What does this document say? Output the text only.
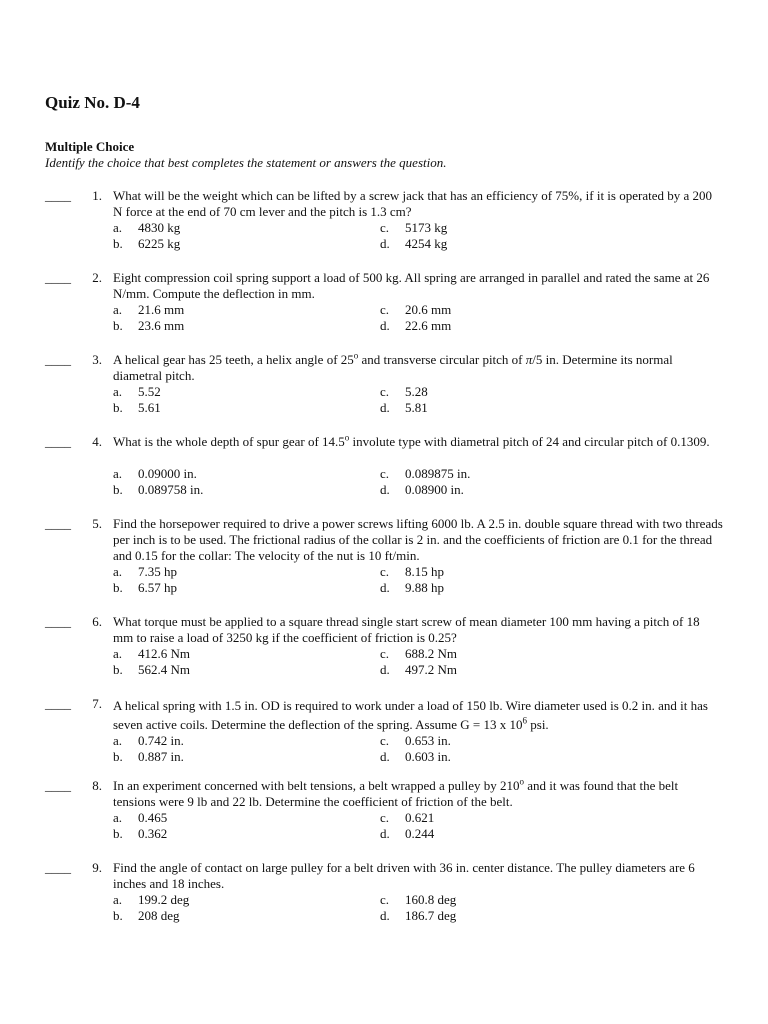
Quiz No. D-4
Multiple Choice
Identify the choice that best completes the statement or answers the question.
____	1. What will be the weight which can be lifted by a screw jack that has an efficiency of 75%, if it is operated by a 200 N force at the end of 70 cm lever and the pitch is 1.3 cm?
a. 4830 kg	c. 5173 kg
b. 6225 kg	d. 4254 kg
____	2. Eight compression coil spring support a load of 500 kg. All spring are arranged in parallel and rated the same at 26 N/mm. Compute the deflection in mm.
a. 21.6 mm	c. 20.6 mm
b. 23.6 mm	d. 22.6 mm
____	3. A helical gear has 25 teeth, a helix angle of 25$^o$ and transverse circular pitch of π/5 in. Determine its normal diametral pitch.
a. 5.52	c. 5.28
b. 5.61	d. 5.81
____	4. What is the whole depth of spur gear of 14.5$^o$ involute type with diametral pitch of 24 and circular pitch of 0.1309.
a. 0.09000 in.	c. 0.089875 in.
b. 0.089758 in.	d. 0.08900 in.
____	5. Find the horsepower required to drive a power screws lifting 6000 lb. A 2.5 in. double square thread with two threads per inch is to be used. The frictional radius of the collar is 2 in. and the coefficients of friction are 0.1 for the thread and 0.15 for the collar: The velocity of the nut is 10 ft/min.
a. 7.35 hp	c. 8.15 hp
b. 6.57 hp	d. 9.88 hp
____	6. What torque must be applied to a square thread single start screw of mean diameter 100 mm having a pitch of 18 mm to raise a load of 3250 kg if the coefficient of friction is 0.25?
a. 412.6 Nm	c. 688.2 Nm
b. 562.4 Nm	d. 497.2 Nm
____	7. A helical spring with 1.5 in. OD is required to work under a load of 150 lb. Wire diameter used is 0.2 in. and it has seven active coils. Determine the deflection of the spring. Assume G = 13 x $10^6$ psi.
a. 0.742 in.	c. 0.653 in.
b. 0.887 in.	d. 0.603 in.
____	8. In an experiment concerned with belt tensions, a belt wrapped a pulley by 210$^o$ and it was found that the belt tensions were 9 lb and 22 lb. Determine the coefficient of friction of the belt.
a. 0.465	c. 0.621
b. 0.362	d. 0.244
____	9. Find the angle of contact on large pulley for a belt driven with 36 in. center distance. The pulley diameters are 6 inches and 18 inches.
a. 199.2 deg	c. 160.8 deg
b. 208 deg	d. 186.7 deg
